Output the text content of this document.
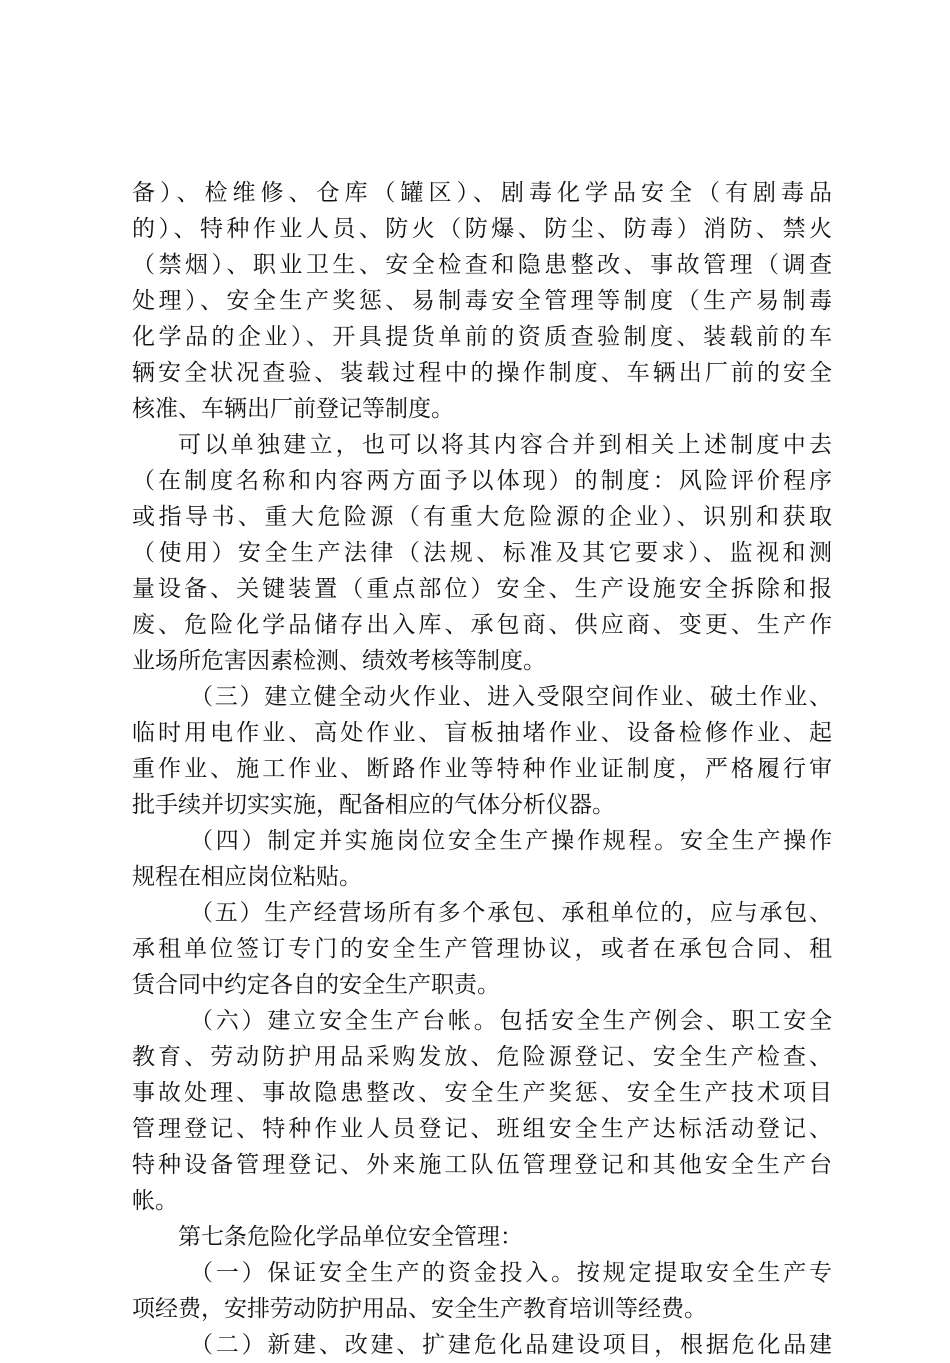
备）、检维修、仓库（罐区）、剧毒化学品安全（有剧毒品
的）、特种作业人员、防火（防爆、防尘、防毒）消防、禁火
（禁烟）、职业卫生、安全检查和隐患整改、事故管理（调查
处理）、安全生产奖惩、易制毒安全管理等制度（生产易制毒
化学品的企业）、开具提货单前的资质查验制度、装载前的车
辆安全状况查验、装载过程中的操作制度、车辆出厂前的安全
核准、车辆出厂前登记等制度。
可以单独建立，也可以将其内容合并到相关上述制度中去
（在制度名称和内容两方面予以体现）的制度：风险评价程序
或指导书、重大危险源（有重大危险源的企业）、识别和获取
（使用）安全生产法律（法规、标准及其它要求）、监视和测
量设备、关键装置（重点部位）安全、生产设施安全拆除和报
废、危险化学品储存出入库、承包商、供应商、变更、生产作
业场所危害因素检测、绩效考核等制度。
（三）建立健全动火作业、进入受限空间作业、破土作业、
临时用电作业、高处作业、盲板抽堵作业、设备检修作业、起
重作业、施工作业、断路作业等特种作业证制度，严格履行审
批手续并切实实施，配备相应的气体分析仪器。
（四）制定并实施岗位安全生产操作规程。安全生产操作
规程在相应岗位粘贴。
（五）生产经营场所有多个承包、承租单位的，应与承包、
承租单位签订专门的安全生产管理协议，或者在承包合同、租
赁合同中约定各自的安全生产职责。
（六）建立安全生产台帐。包括安全生产例会、职工安全
教育、劳动防护用品采购发放、危险源登记、安全生产检查、
事故处理、事故隐患整改、安全生产奖惩、安全生产技术项目
管理登记、特种作业人员登记、班组安全生产达标活动登记、
特种设备管理登记、外来施工队伍管理登记和其他安全生产台
帐。
第七条危险化学品单位安全管理：
（一）保证安全生产的资金投入。按规定提取安全生产专
项经费，安排劳动防护用品、安全生产教育培训等经费。
（二）新建、改建、扩建危化品建设项目，根据危化品建
